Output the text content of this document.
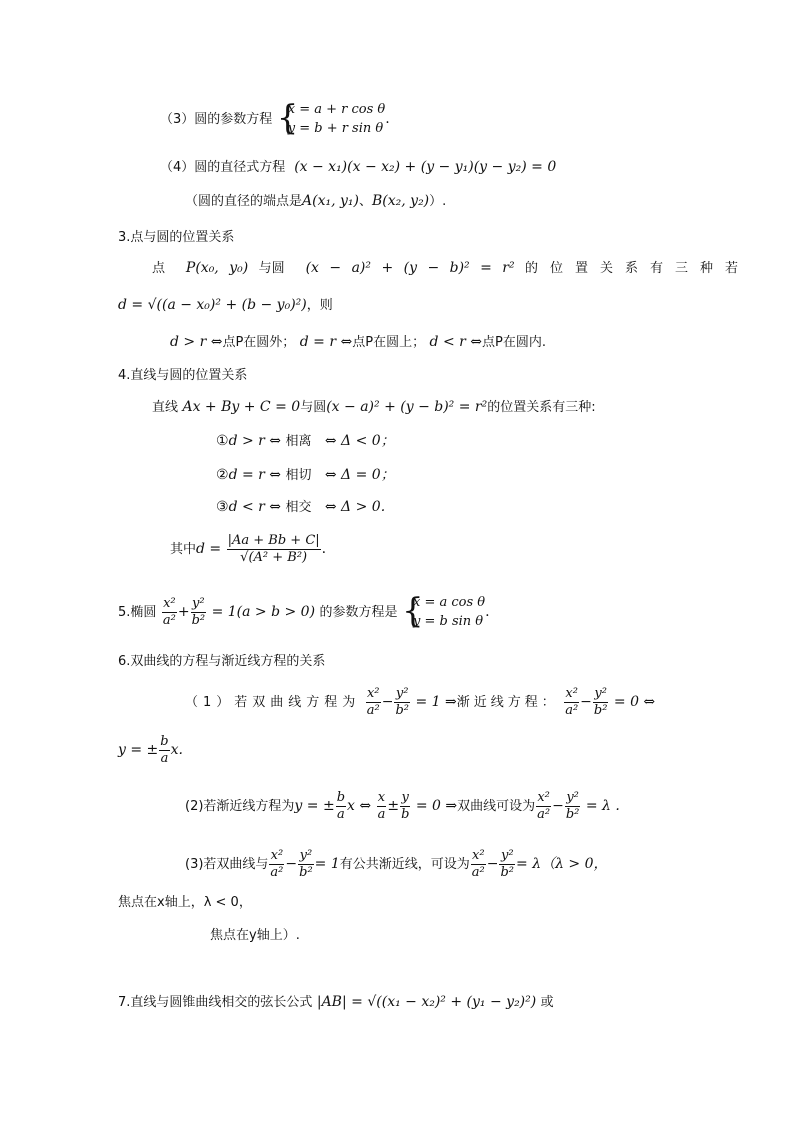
（3）圆的参数方程 {
x = a + r cos θ
y = b + r sin θ
.
（4）圆的直径式方程 (x − x₁)(x − x₂) + (y − y₁)(y − y₂) = 0
（圆的直径的端点是A(x₁, y₁)、B(x₂, y₂)）.
3.点与圆的位置关系
点 P(x₀, y₀) 与圆 (x − a)² + (y − b)² = r² 的位置关系有三种若
d = √((a − x₀)² + (b − y₀)²)，则
d > r ⇔点P在圆外； d = r ⇔点P在圆上； d < r ⇔点P在圆内.
4.直线与圆的位置关系
直线 Ax + By + C = 0与圆(x − a)² + (y − b)² = r²的位置关系有三种:
①d > r ⇔ 相离 ⇔ Δ < 0；
②d = r ⇔ 相切 ⇔ Δ = 0；
③d < r ⇔ 相交 ⇔ Δ > 0.
其中$d = \frac{|Aa + Bb + C|}{\text{√(A² + B²)}}$ .
5.椭圆 $\frac{\text{x²}}{\text{a²}} + \frac{\text{y²}}{\text{b²}} = 1(a > b > 0)$ 的参数方程是 {
x = a cos θ
y = b sin θ
.
6.双曲线的方程与渐近线方程的关系
（1）若双曲线方程为 $\frac{\text{x²}}{\text{a²}} - \frac{\text{y²}}{\text{b²}} = 1$ ⇒渐近线方程： $\frac{\text{x²}}{\text{a²}} - \frac{\text{y²}}{\text{b²}} = 0$ ⇔
y = ± $\frac{b}{a} x$.
(2)若渐近线方程为y = ± $\frac{b}{a}$ x ⇔ $\frac{x}{a} \pm \frac{y}{b} = 0$ ⇒双曲线可设为 $\frac{\text{x²}}{\text{a²}} - \frac{\text{y²}}{\text{b²}} = \lambda$ .
(3)若双曲线与 $\frac{\text{x²}}{\text{a²}} - \frac{\text{y²}}{\text{b²}} = 1$有公共渐近线，可设为 $\frac{\text{x²}}{\text{a²}} - \frac{\text{y²}}{\text{b²}} = \lambda(\lambda > 0$，
焦点在x轴上，λ < 0，
焦点在y轴上）.
7.直线与圆锥曲线相交的弦长公式 |AB| = √((x₁ − x₂)² + (y₁ − y₂)²) 或
